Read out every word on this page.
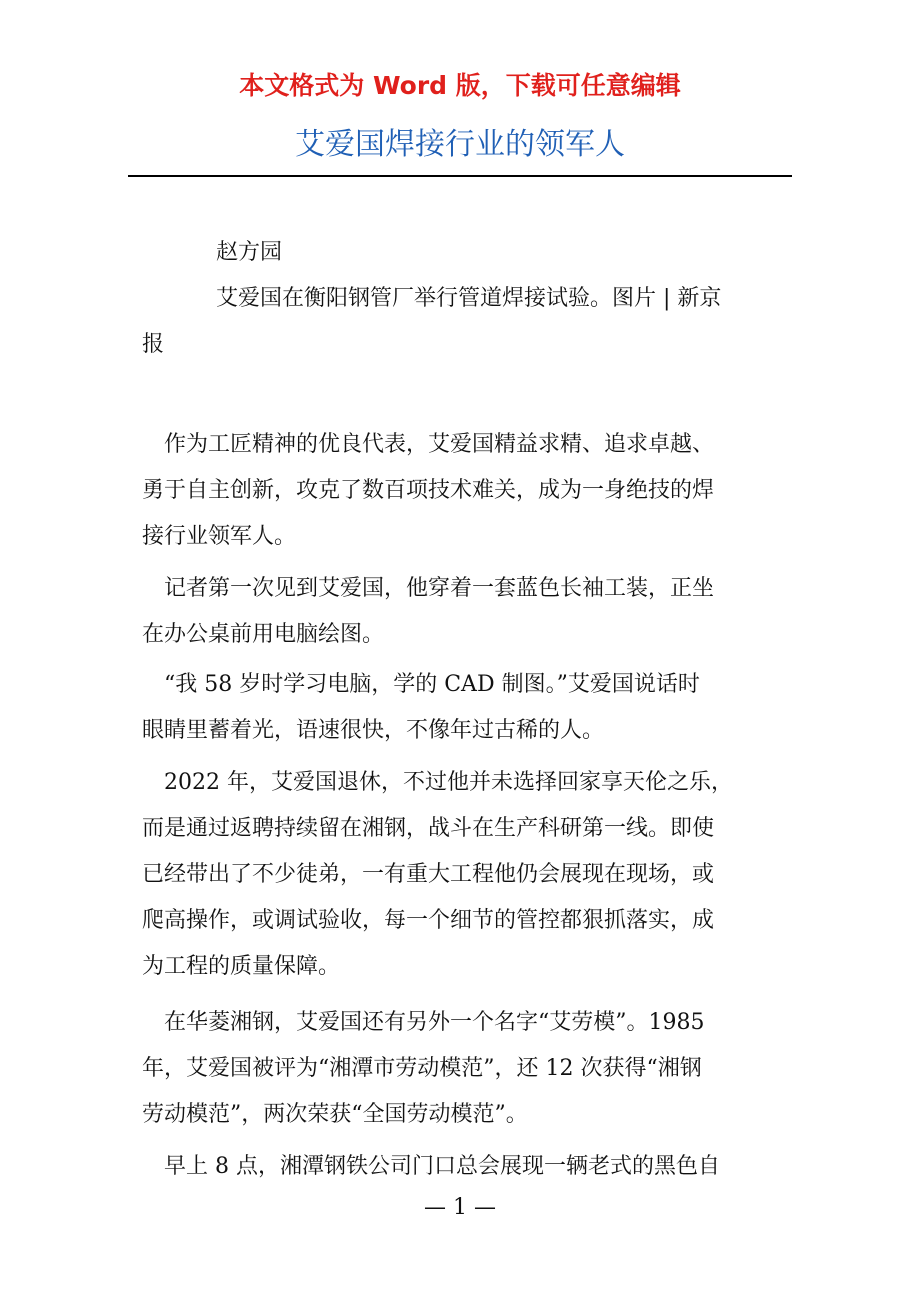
本文格式为 Word 版，下载可任意编辑
艾爱国焊接行业的领军人

赵方园

艾爱国在衡阳钢管厂举行管道焊接试验。图片 | 新京
报

作为工匠精神的优良代表，艾爱国精益求精、追求卓越、
勇于自主创新，攻克了数百项技术难关，成为一身绝技的焊
接行业领军人。

记者第一次见到艾爱国，他穿着一套蓝色长袖工装，正坐
在办公桌前用电脑绘图。

“我 58 岁时学习电脑，学的 CAD 制图。”艾爱国说话时
眼睛里蓄着光，语速很快，不像年过古稀的人。

2022 年，艾爱国退休，不过他并未选择回家享天伦之乐，
而是通过返聘持续留在湘钢，战斗在生产科研第一线。即使
已经带出了不少徒弟，一有重大工程他仍会展现在现场，或
爬高操作，或调试验收，每一个细节的管控都狠抓落实，成
为工程的质量保障。

在华菱湘钢，艾爱国还有另外一个名字“艾劳模”。1985
年，艾爱国被评为“湘潭市劳动模范”，还 12 次获得“湘钢
劳动模范”，两次荣获“全国劳动模范”。

早上 8 点，湘潭钢铁公司门口总会展现一辆老式的黑色自

— 1 —
